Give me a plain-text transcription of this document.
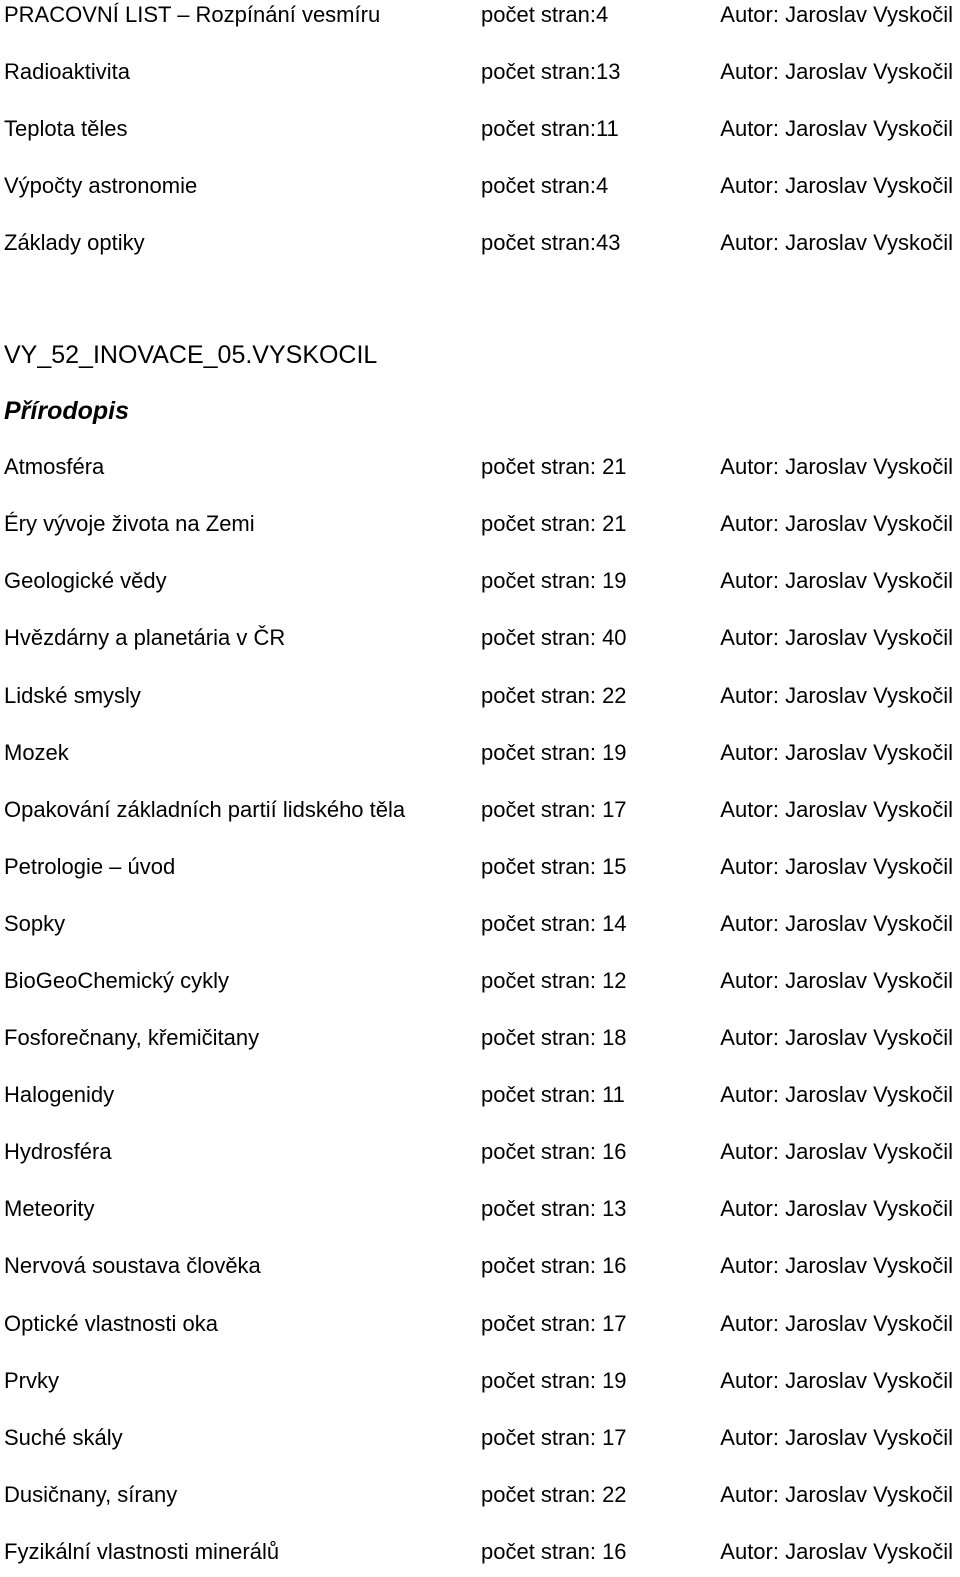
PRACOVNÍ LIST – Rozpínání vesmíru	počet stran:4	Autor: Jaroslav Vyskočil
Radioaktivita	počet stran:13	Autor: Jaroslav Vyskočil
Teplota těles	počet stran:11	Autor: Jaroslav Vyskočil
Výpočty astronomie	počet stran:4	Autor: Jaroslav Vyskočil
Základy optiky	počet stran:43	Autor: Jaroslav Vyskočil
VY_52_INOVACE_05.VYSKOCIL
Přírodopis
Atmosféra	počet stran: 21	Autor: Jaroslav Vyskočil
Éry vývoje života na Zemi	počet stran: 21	Autor: Jaroslav Vyskočil
Geologické vědy	počet stran: 19	Autor: Jaroslav Vyskočil
Hvězdárny a planetária v ČR	počet stran: 40	Autor: Jaroslav Vyskočil
Lidské smysly	počet stran: 22	Autor: Jaroslav Vyskočil
Mozek	počet stran: 19	Autor: Jaroslav Vyskočil
Opakování základních partií lidského těla	počet stran: 17	Autor: Jaroslav Vyskočil
Petrologie – úvod	počet stran: 15	Autor: Jaroslav Vyskočil
Sopky	počet stran: 14	Autor: Jaroslav Vyskočil
BioGeoChemický cykly	počet stran: 12	Autor: Jaroslav Vyskočil
Fosforečnany, křemičitany	počet stran: 18	Autor: Jaroslav Vyskočil
Halogenidy	počet stran: 11	Autor: Jaroslav Vyskočil
Hydrosféra	počet stran: 16	Autor: Jaroslav Vyskočil
Meteority	počet stran: 13	Autor: Jaroslav Vyskočil
Nervová soustava člověka	počet stran: 16	Autor: Jaroslav Vyskočil
Optické vlastnosti oka	počet stran: 17	Autor: Jaroslav Vyskočil
Prvky	počet stran: 19	Autor: Jaroslav Vyskočil
Suché skály	počet stran: 17	Autor: Jaroslav Vyskočil
Dusičnany, sírany	počet stran: 22	Autor: Jaroslav Vyskočil
Fyzikální vlastnosti minerálů	počet stran: 16	Autor: Jaroslav Vyskočil
